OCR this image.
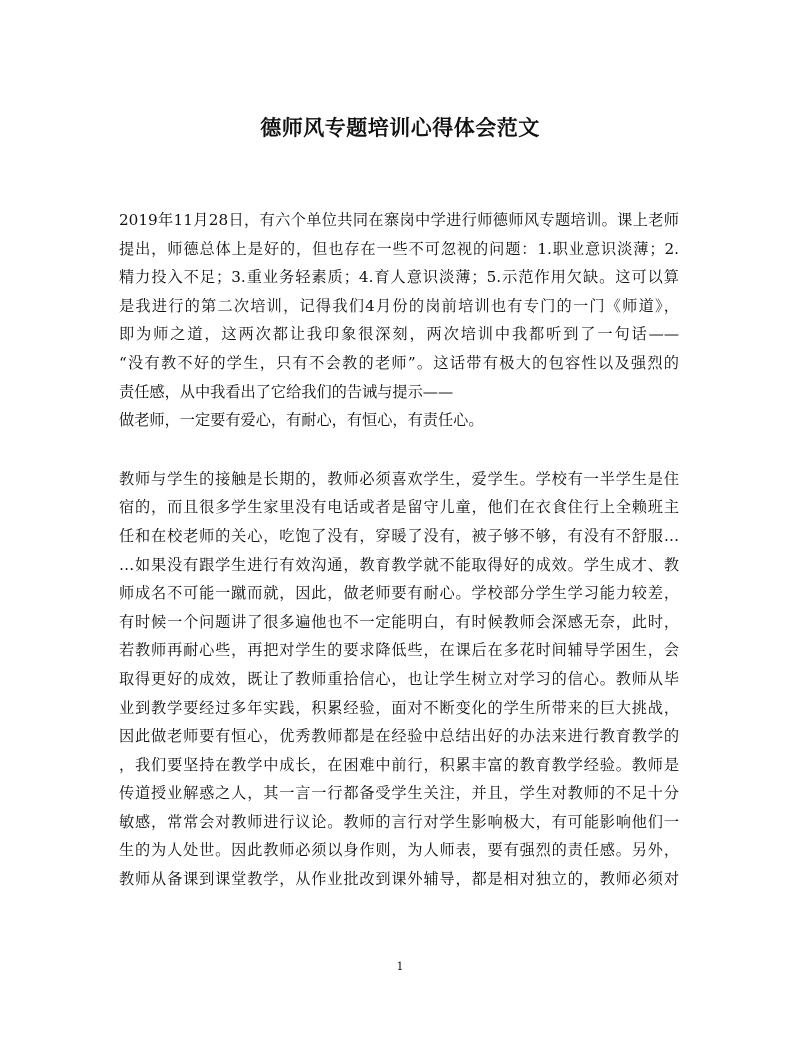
德师风专题培训心得体会范文
2019年11月28日，有六个单位共同在寨岗中学进行师德师风专题培训。课上老师
提出，师德总体上是好的，但也存在一些不可忽视的问题：1.职业意识淡薄；2.
精力投入不足；3.重业务轻素质；4.育人意识淡薄；5.示范作用欠缺。这可以算
是我进行的第二次培训，记得我们4月份的岗前培训也有专门的一门《师道》，
即为师之道，这两次都让我印象很深刻，两次培训中我都听到了一句话——
“没有教不好的学生，只有不会教的老师”。这话带有极大的包容性以及强烈的
责任感，从中我看出了它给我们的告诫与提示——
做老师，一定要有爱心，有耐心，有恒心，有责任心。
教师与学生的接触是长期的，教师必须喜欢学生，爱学生。学校有一半学生是住
宿的，而且很多学生家里没有电话或者是留守儿童，他们在衣食住行上全赖班主
任和在校老师的关心，吃饱了没有，穿暖了没有，被子够不够，有没有不舒服…
…如果没有跟学生进行有效沟通，教育教学就不能取得好的成效。学生成才、教
师成名不可能一蹴而就，因此，做老师要有耐心。学校部分学生学习能力较差，
有时候一个问题讲了很多遍他也不一定能明白，有时候教师会深感无奈，此时，
若教师再耐心些，再把对学生的要求降低些，在课后在多花时间辅导学困生，会
取得更好的成效，既让了教师重拾信心，也让学生树立对学习的信心。教师从毕
业到教学要经过多年实践，积累经验，面对不断变化的学生所带来的巨大挑战，
因此做老师要有恒心，优秀教师都是在经验中总结出好的办法来进行教育教学的
，我们要坚持在教学中成长，在困难中前行，积累丰富的教育教学经验。教师是
传道授业解惑之人，其一言一行都备受学生关注，并且，学生对教师的不足十分
敏感，常常会对教师进行议论。教师的言行对学生影响极大，有可能影响他们一
生的为人处世。因此教师必须以身作则，为人师表，要有强烈的责任感。另外，
教师从备课到课堂教学，从作业批改到课外辅导，都是相对独立的，教师必须对
1
